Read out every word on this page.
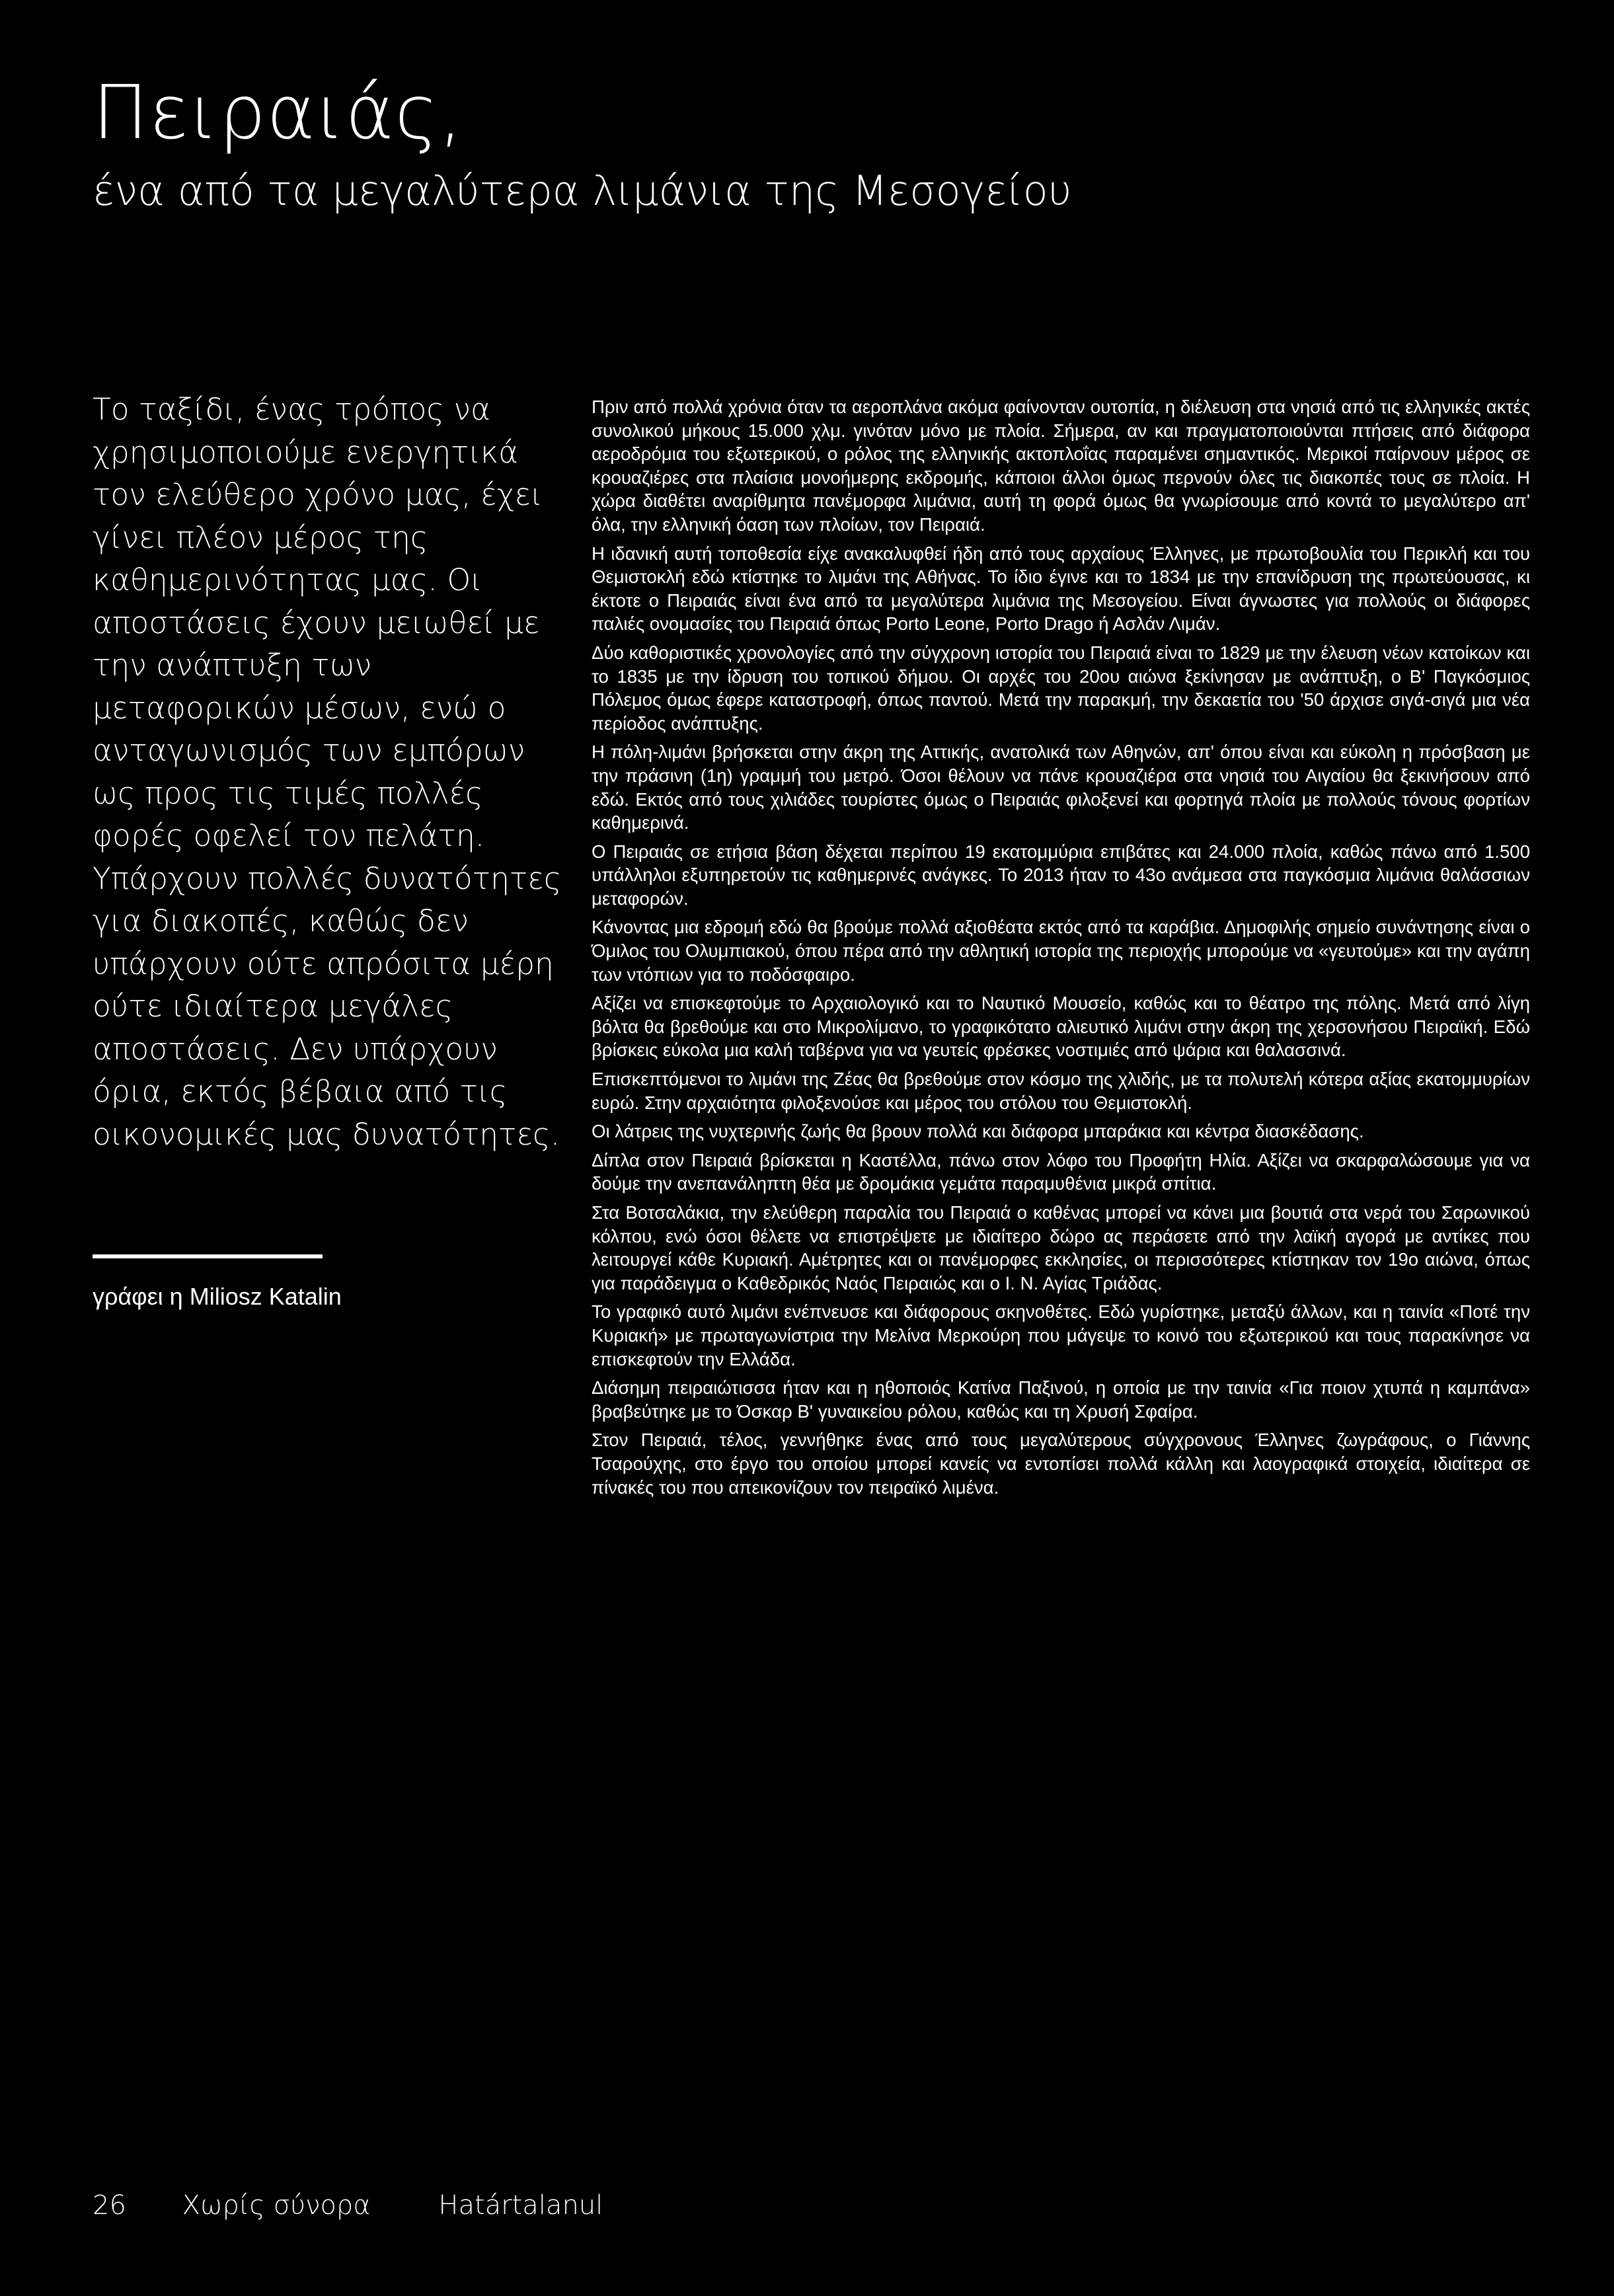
Πειραιάς,
ένα από τα μεγαλύτερα λιμάνια της Μεσογείου

Το ταξίδι, ένας τρόπος να χρησιμοποιούμε ενεργητικά τον ελεύθερο χρόνο μας, έχει γίνει πλέον μέρος της καθημερινότητας μας. Οι αποστάσεις έχουν μειωθεί με την ανάπτυξη των μεταφορικών μέσων, ενώ ο ανταγωνισμός των εμπόρων ως προς τις τιμές πολλές φορές οφελεί τον πελάτη. Υπάρχουν πολλές δυνατότητες για διακοπές, καθώς δεν υπάρχουν ούτε απρόσιτα μέρη ούτε ιδιαίτερα μεγάλες αποστάσεις. Δεν υπάρχουν όρια, εκτός βέβαια από τις οικονομικές μας δυνατότητες.

γράφει η Miliosz Katalin

Πριν από πολλά χρόνια όταν τα αεροπλάνα ακόμα φαίνονταν ουτοπία, η διέλευση στα νησιά από τις ελληνικές ακτές συνολικού μήκους 15.000 χλμ. γινόταν μόνο με πλοία. Σήμερα, αν και πραγματοποιούνται πτήσεις από διάφορα αεροδρόμια του εξωτερικού, ο ρόλος της ελληνικής ακτοπλοΐας παραμένει σημαντικός. Μερικοί παίρνουν μέρος σε κρουαζιέρες στα πλαίσια μονοήμερης εκδρομής, κάποιοι άλλοι όμως περνούν όλες τις διακοπές τους σε πλοία. Η χώρα διαθέτει αναρίθμητα πανέμορφα λιμάνια, αυτή τη φορά όμως θα γνωρίσουμε από κοντά το μεγαλύτερο απ' όλα, την ελληνική όαση των πλοίων, τον Πειραιά.

Η ιδανική αυτή τοποθεσία είχε ανακαλυφθεί ήδη από τους αρχαίους Έλληνες, με πρωτοβουλία του Περικλή και του Θεμιστοκλή εδώ κτίστηκε το λιμάνι της Αθήνας. Το ίδιο έγινε και το 1834 με την επανίδρυση της πρωτεύουσας, κι έκτοτε ο Πειραιάς είναι ένα από τα μεγαλύτερα λιμάνια της Μεσογείου. Είναι άγνωστες για πολλούς οι διάφορες παλιές ονομασίες του Πειραιά όπως Porto Leone, Porto Drago ή Ασλάν Λιμάν.

Δύο καθοριστικές χρονολογίες από την σύγχρονη ιστορία του Πειραιά είναι το 1829 με την έλευση νέων κατοίκων και το 1835 με την ίδρυση του τοπικού δήμου. Οι αρχές του 20ου αιώνα ξεκίνησαν με ανάπτυξη, ο Β' Παγκόσμιος Πόλεμος όμως έφερε καταστροφή, όπως παντού. Μετά την παρακμή, την δεκαετία του '50 άρχισε σιγά-σιγά μια νέα περίοδος ανάπτυξης.

Η πόλη-λιμάνι βρήσκεται στην άκρη της Αττικής, ανατολικά των Αθηνών, απ' όπου είναι και εύκολη η πρόσβαση με την πράσινη (1η) γραμμή του μετρό. Όσοι θέλουν να πάνε κρουαζιέρα στα νησιά του Αιγαίου θα ξεκινήσουν από εδώ. Εκτός από τους χιλιάδες τουρίστες όμως ο Πειραιάς φιλοξενεί και φορτηγά πλοία με πολλούς τόνους φορτίων καθημερινά.

Ο Πειραιάς σε ετήσια βάση δέχεται περίπου 19 εκατομμύρια επιβάτες και 24.000 πλοία, καθώς πάνω από 1.500 υπάλληλοι εξυπηρετούν τις καθημερινές ανάγκες. Το 2013 ήταν το 43ο ανάμεσα στα παγκόσμια λιμάνια θαλάσσιων μεταφορών.

Κάνοντας μια εδρομή εδώ θα βρούμε πολλά αξιοθέατα εκτός από τα καράβια. Δημοφιλής σημείο συνάντησης είναι ο Όμιλος του Ολυμπιακού, όπου πέρα από την αθλητική ιστορία της περιοχής μπορούμε να «γευτούμε» και την αγάπη των ντόπιων για το ποδόσφαιρο.

Αξίζει να επισκεφτούμε το Αρχαιολογικό και το Ναυτικό Μουσείο, καθώς και το θέατρο της πόλης. Μετά από λίγη βόλτα θα βρεθούμε και στο Μικρολίμανο, το γραφικότατο αλιευτικό λιμάνι στην άκρη της χερσονήσου Πειραϊκή. Εδώ βρίσκεις εύκολα μια καλή ταβέρνα για να γευτείς φρέσκες νοστιμιές από ψάρια και θαλασσινά.

Επισκεπτόμενοι το λιμάνι της Ζέας θα βρεθούμε στον κόσμο της χλιδής, με τα πολυτελή κότερα αξίας εκατομμυρίων ευρώ. Στην αρχαιότητα φιλοξενούσε και μέρος του στόλου του Θεμιστοκλή.

Οι λάτρεις της νυχτερινής ζωής θα βρουν πολλά και διάφορα μπαράκια και κέντρα διασκέδασης.

Δίπλα στον Πειραιά βρίσκεται η Καστέλλα, πάνω στον λόφο του Προφήτη Ηλία. Αξίζει να σκαρφαλώσουμε για να δούμε την ανεπανάληπτη θέα με δρομάκια γεμάτα παραμυθένια μικρά σπίτια.

Στα Βοτσαλάκια, την ελεύθερη παραλία του Πειραιά ο καθένας μπορεί να κάνει μια βουτιά στα νερά του Σαρωνικού κόλπου, ενώ όσοι θέλετε να επιστρέψετε με ιδιαίτερο δώρο ας περάσετε από την λαϊκή αγορά με αντίκες που λειτουργεί κάθε Κυριακή. Αμέτρητες και οι πανέμορφες εκκλησίες, οι περισσότερες κτίστηκαν τον 19ο αιώνα, όπως για παράδειγμα ο Καθεδρικός Ναός Πειραιώς και ο Ι. Ν. Αγίας Τριάδας.

Το γραφικό αυτό λιμάνι ενέπνευσε και διάφορους σκηνοθέτες. Εδώ γυρίστηκε, μεταξύ άλλων, και η ταινία «Ποτέ την Κυριακή» με πρωταγωνίστρια την Μελίνα Μερκούρη που μάγεψε το κοινό του εξωτερικού και τους παρακίνησε να επισκεφτούν την Ελλάδα.

Διάσημη πειραιώτισσα ήταν και η ηθοποιός Κατίνα Παξινού, η οποία με την ταινία «Για ποιον χτυπά η καμπάνα» βραβεύτηκε με το Όσκαρ Β' γυναικείου ρόλου, καθώς και τη Χρυσή Σφαίρα.

Στον Πειραιά, τέλος, γεννήθηκε ένας από τους μεγαλύτερους σύγχρονους Έλληνες ζωγράφους, ο Γιάννης Τσαρούχης, στο έργο του οποίου μπορεί κανείς να εντοπίσει πολλά κάλλη και λαογραφικά στοιχεία, ιδιαίτερα σε πίνακές του που απεικονίζουν τον πειραϊκό λιμένα.

26 Χωρίς σύνορα	Határtalanul
